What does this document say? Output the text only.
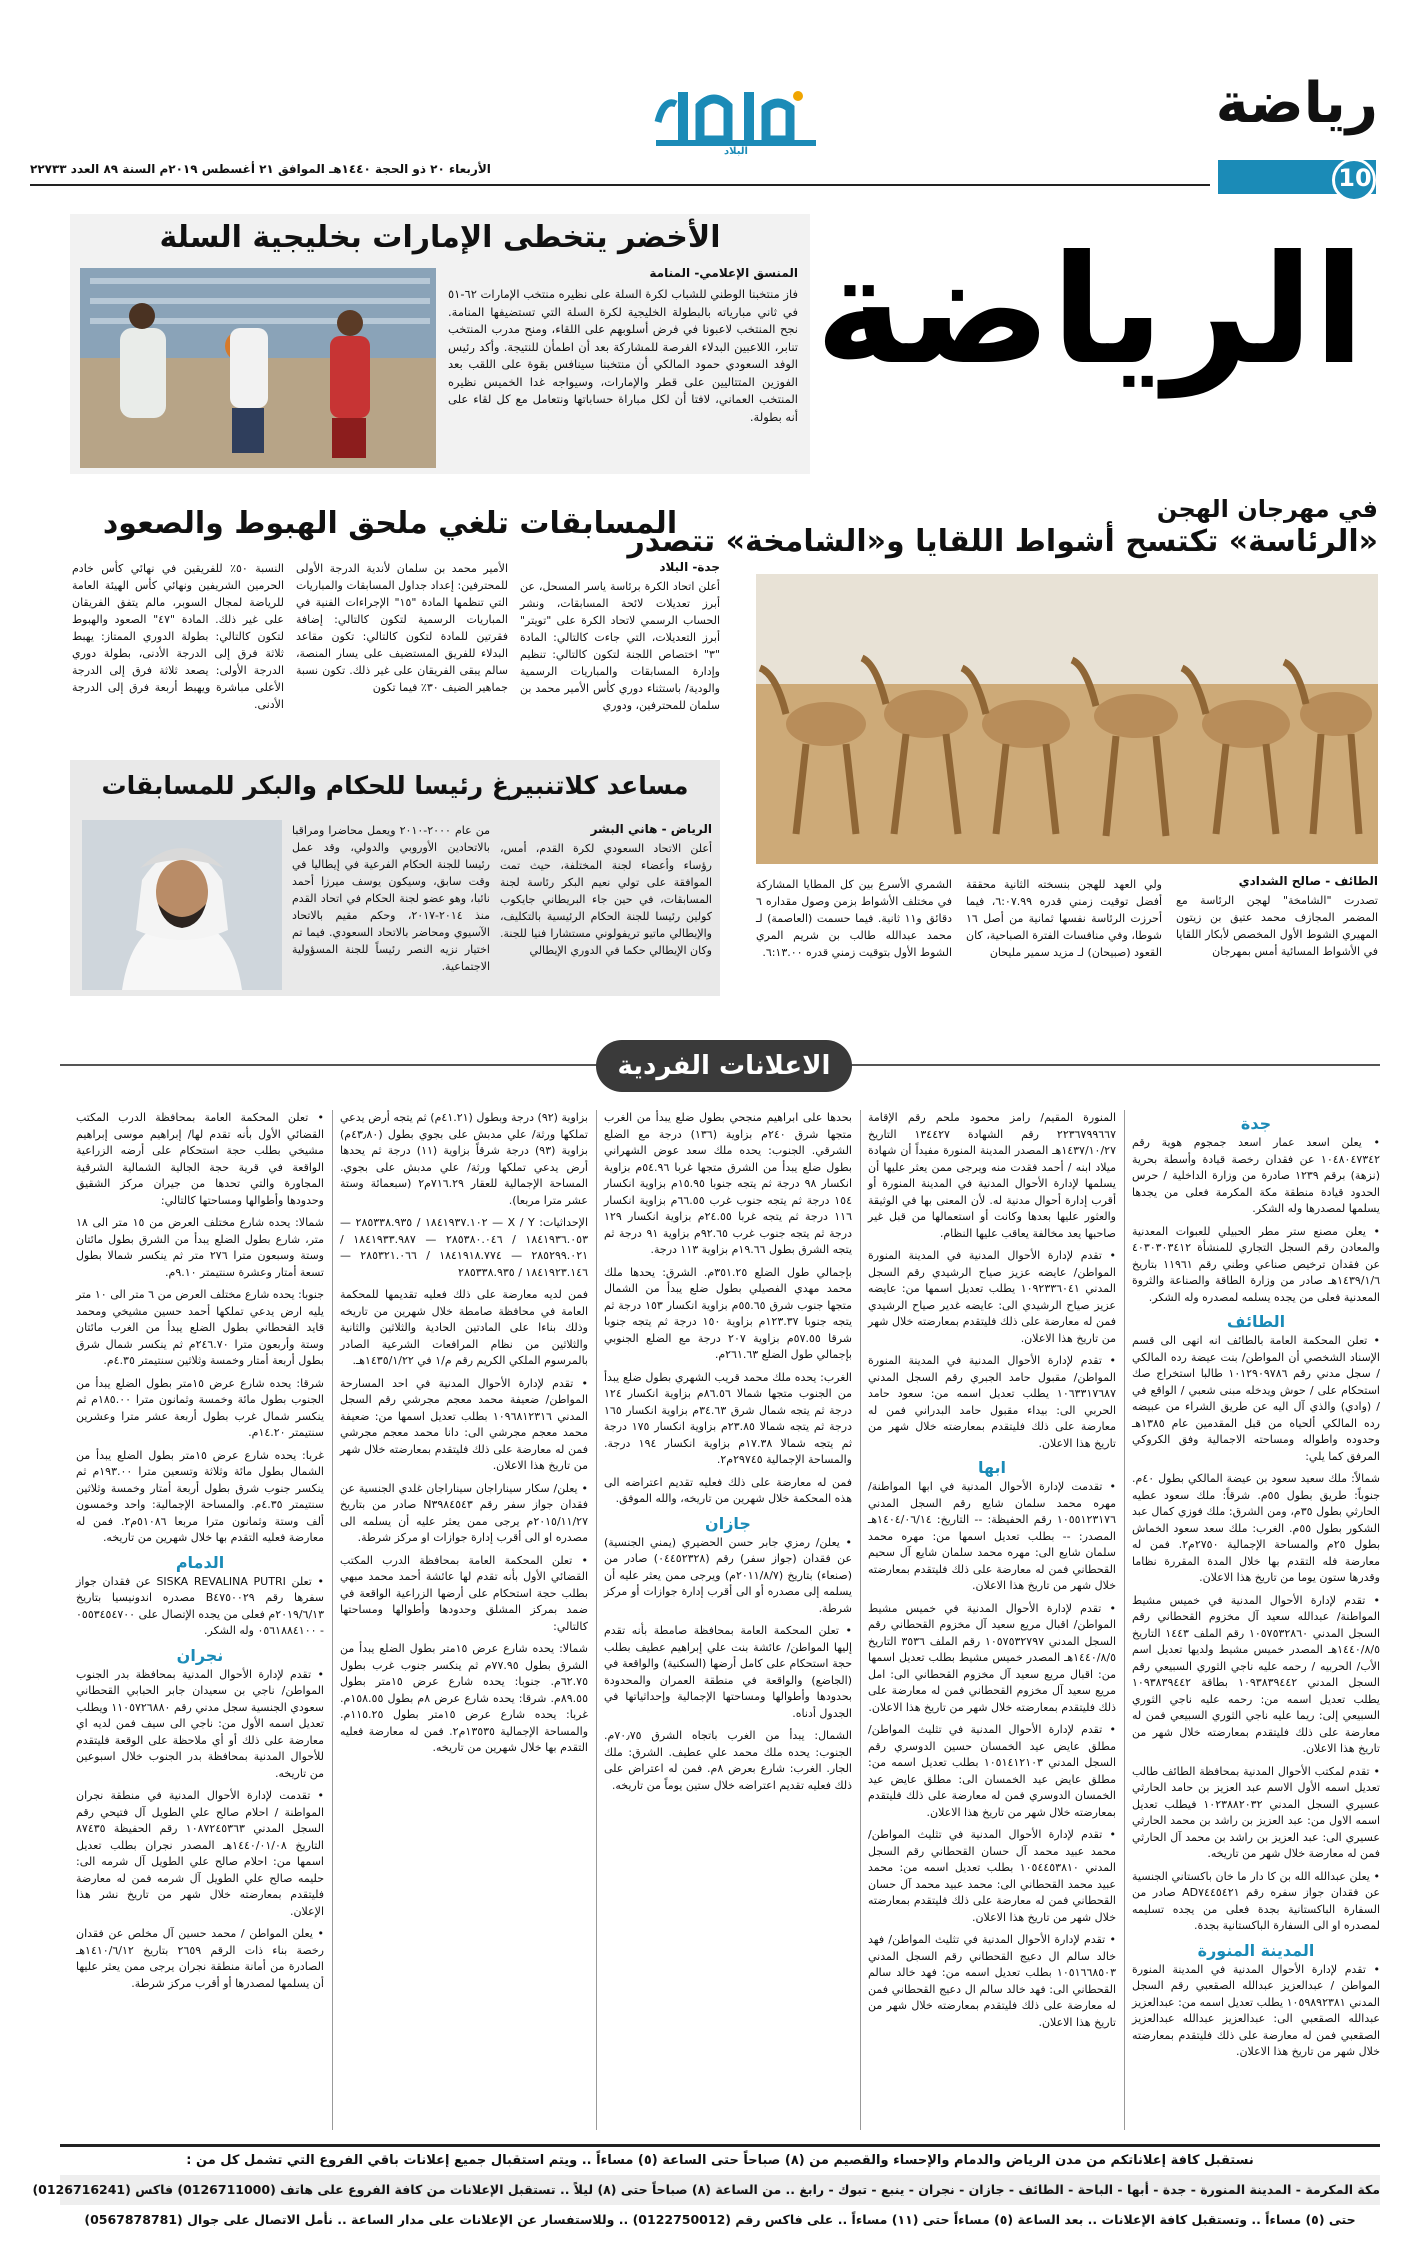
رياضة
10
البلاد
الأربعاء ٢٠ ذو الحجة ١٤٤٠هـ الموافق ٢١ أغسطس ٢٠١٩م السنة ٨٩ العدد ٢٢٧٣٣
الرياضة
الأخضر يتخطى الإمارات بخليجية السلة
المنسق الإعلامي- المنامة
فاز منتخبنا الوطني للشباب لكرة السلة على نظيره منتخب الإمارات ٦٢-٥١ في ثاني مبارياته بالبطولة الخليجية لكرة السلة التي تستضيفها المنامة. نجح المنتخب لاعبونا في فرض أسلوبهم على اللقاء، ومنح مدرب المنتخب تنابر، اللاعبين البدلاء الفرصة للمشاركة بعد أن اطمأن للنتيجة. وأكد رئيس الوفد السعودي حمود المالكي أن منتخبنا سينافس بقوة على اللقب بعد الفوزين المتتاليين على قطر والإمارات، وسيواجه غدا الخميس نظيره المنتخب العماني، لافتا أن لكل مباراة حساباتها ونتعامل مع كل لقاء على أنه بطولة.
في مهرجان الهجن
«الرئاسة» تكتسح أشواط اللقايا و«الشامخة» تتصدر
الشمري الأسرع بين كل المطايا المشاركة في مختلف الأشواط بزمن وصول مقداره ٦ دقائق و١١ ثانية. فيما حسمت (العاصمة) لـ محمد عبدالله طالب بن شريم المري الشوط الأول بتوقيت زمني قدره ٦:١٣.٠٠.
ولي العهد للهجن بنسخته الثانية محققة أفضل توقيت زمني قدره ٦:٠٧.٩٩، فيما أحرزت الرئاسة نفسها ثمانية من أصل ١٦ شوطا، وفي منافسات الفترة الصباحية، كان القعود (صبيحان) لـ مزيد سمير مليحان
الطائف - صالح الشدادي
تصدرت "الشامخة" لهجن الرئاسة مع المضمر المجازف محمد عتيق بن زيتون المهيري الشوط الأول المخصص لأبكار اللقايا في الأشواط المسائية أمس بمهرجان
المسابقات تلغي ملحق الهبوط والصعود
جدة- البلاد
أعلن اتحاد الكرة برئاسة ياسر المسحل، عن أبرز تعديلات لائحة المسابقات، ونشر الحساب الرسمي لاتحاد الكرة على "تويتر" أبرز التعديلات، التي جاءت كالتالي: المادة "٣" اختصاص اللجنة لتكون كالتالي: تنظيم وإدارة المسابقات والمباريات الرسمية والودية/ باستثناء دوري كأس الأمير محمد بن سلمان للمحترفين، ودوري
الأمير محمد بن سلمان لأندية الدرجة الأولى للمحترفين: إعداد جداول المسابقات والمباريات التي تنظمها المادة "١٥" الإجراءات الفنية في المباريات الرسمية لتكون كالتالي: إضافة فقرتين للمادة لتكون كالتالي: تكون مقاعد البدلاء للفريق المستضيف على يسار المنصة، سالم يبقى الفريقان على غير ذلك. تكون نسبة جماهير الضيف ٣٠٪ فيما تكون
النسبة ٥٠٪ للفريقين في نهائي كأس خادم الحرمين الشريفين ونهائي كأس الهيئة العامة للرياضة لمجال السوبر، مالم يتفق الفريقان على غير ذلك. المادة "٤٧" الصعود والهبوط لتكون كالتالي: بطولة الدوري الممتاز: يهبط ثلاثة فرق إلى الدرجة الأدنى، بطولة دوري الدرجة الأولى: يصعد ثلاثة فرق إلى الدرجة الأعلى مباشرة ويهبط أربعة فرق إلى الدرجة الأدنى.
مساعد كلاتنبيرغ رئيسا للحكام والبكر للمسابقات
الرياض - هاني البشر
أعلن الاتحاد السعودي لكرة القدم، أمس، رؤساء وأعضاء لجنة المختلفة، حيث تمت الموافقة على تولي نعيم البكر رئاسة لجنة المسابقات، في حين جاء البريطاني جايكوب كولين رئيسا للجنة الحكام الرئيسية بالتكليف، والإيطالي ماتيو تريفولوني مستشارا فنيا للجنة. وكان الإيطالي حكما في الدوري الإيطالي
من عام ٢٠٠٠-٢٠١٠ ويعمل محاضرا ومراقبا بالاتحادين الأوروبي والدولي، وقد عمل رئيسا للجنة الحكام الفرعية في إيطاليا في وقت سابق، وسيكون يوسف ميرزا أحمد نائبا، وهو عضو لجنة الحكام في اتحاد القدم منذ ٢٠١٤-٢٠١٧، وحكم مقيم بالاتحاد الآسيوي ومحاضر بالاتحاد السعودي. فيما تم اختيار نزيه النصر رئيساً للجنة المسؤولية الاجتماعية.
الاعلانات الفردية
جدة
• يعلن اسعد عمار اسعد جمجوم هوية رقم ١٠٤٨٠٤٧٣٤٢ عن فقدان رخصة قيادة وأسطة بحرية (نزهة) برقم ١٢٣٩ صادرة من وزارة الداخلية / حرس الحدود قيادة منطقة مكة المكرمة فعلى من يجدها يسلمها لمصدرها وله الشكر.
• يعلن مصنع ستر مطر الحبيلي للعبوات المعدنية والمعادن رقم السجل التجاري للمنشأة ٤٠٣٠٣٠٣٤١٢ عن فقدان ترخيص صناعي وطني رقم ١١٩٦١ بتاريخ ١٤٣٩/١/٦هـ صادر من وزارة الطاقة والصناعة والثروة المعدنية فعلى من يجده يسلمه لمصدره وله الشكر.
الطائف
• تعلن المحكمة العامة بالطائف انه انهى الى قسم الإسناد الشخصي أن المواطن/ بنت عيضة رده المالكي / سجل مدني رقم ١٠١٢٩٠٩٧٨٦ طالبا استخراج صك استحكام على / حوش ويدخله مبنى شعبي / الواقع في / (وادي) والذي آل اليه عن طريق الشراء من عبيضه رده المالكي ألحياه من قبل المقدمين عام ١٣٨٥هـ وحدوده واطواله ومساحته الاجمالية وفق الكروكي المرفق كما يلي:
شمالاً: ملك سعيد سعود بن عيضة المالكي بطول ٤٠م. جنوباً: طريق بطول ٥٥م. شرقاً: ملك سعود عطيه الحارثي بطول ٣٥م، ومن الشرق: ملك فوزي كمال عبد الشكور بطول ٥٥م. الغرب: ملك سعد سعود الخماش بطول ٢٥م والمساحة الإجمالية ٢٧٥٠م٢. فمن له معارضة فله التقدم بها خلال المدة المقررة نظاما وقدرها ستون يوما من تاريخ هذا الاعلان.
• تقدم لإدارة الأحوال المدنية في خميس مشيط المواطنة/ عبدالله سعيد آل مخزوم القحطاني رقم السجل المدني ١٠٥٧٥٣٢٨٦٠ رقم الملف ١٤٤٣ التاريخ ١٤٤٠/٨/٥هـ المصدر خميس مشيط ولديها تعديل اسم الأب/ الحربيه / رحمه عليه ناجي الثوري السبيعي رقم السجل المدني ١٠٩٣٨٣٩٤٤٢ بطاقة ١٠٩٣٨٣٩٤٤٢ يطلب تعديل اسمه من: رحمه عليه ناجي الثوري السبيعي إلى: ريما عليه ناجي الثوري السبيعي فمن له معارضة على ذلك فليتقدم بمعارضته خلال شهر من تاريخ هذا الاعلان.
• تقدم لمكتب الأحوال المدنية بمحافظة الطائف طالب تعديل اسمه الأول الاسم عبد العزيز بن حامد الحارثي عسيري السجل المدني ١٠٢٣٨٨٢٠٣٢ فيطلب تعديل اسمه الاول من: عبد العزيز بن راشد بن محمد الحارثي عسيري الى: عبد العزيز بن راشد بن محمد آل الحارثي فمن له معارضة خلال شهر من تاريخه.
• يعلن عبدالله الله بن كا دار ما خان باكستاني الجنسية عن فقدان جواز سفره رقم AD٧٤٤٥٤٢١ صادر من السفارة الباكستانية بجدة فعلى من يجده تسليمه لمصدره او الى السفارة الباكستانية بجدة.
المدينة المنورة
• تقدم لإدارة الأحوال المدنية في المدينة المنورة المواطن / عبدالعزيز عبدالله الصقعبي رقم السجل المدني ١٠٥٩٨٩٢٣٨١ يطلب تعديل اسمه من: عبدالعزيز عبدالله الصقعبي الى: عبدالعزيز عبدالله عبدالعزيز الصقعبي فمن له معارضة على ذلك فليتقدم بمعارضته خلال شهر من تاريخ هذا الاعلان.
المنورة المقيم/ رامز محمود ملحم رقم الإقامة ٢٢٣٦٧٩٩٦٦٧ رقم الشهادة ١٣٤٤٢٧ التاريخ ١٤٣٧/١٠/٢٧هـ المصدر المدينة المنورة مفيداً أن شهادة ميلاد ابنه / أحمد فقدت منه ويرجى ممن يعثر عليها أن يسلمها لإدارة الأحوال المدنية في المدينة المنورة أو أقرب إدارة أحوال مدنية له. لأن المعنى بها في الوثيقة والعثور عليها بعدها وكانت أو استعمالها من قبل غير صاحبها يعد مخالفة يعاقب عليها النظام.
• تقدم لإدارة الأحوال المدنية في المدينة المنورة المواطن/ عايضه عزيز صياح الرشيدي رقم السجل المدني ١٠٩٢٣٣٦٠٤١ يطلب تعديل اسمها من: عايضه عزيز صياح الرشيدي الى: عايضه غدير صياح الرشيدي فمن له معارضة على ذلك فليتقدم بمعارضته خلال شهر من تاريخ هذا الاعلان.
• تقدم لإدارة الأحوال المدنية في المدينة المنورة المواطن/ مقبول حامد الجبري رقم السجل المدني ١٠٦٣٣١٧٦٨٧ يطلب تعديل اسمه من: سعود حامد الحربي الى: بيداء مقبول حامد البدراني فمن له معارضة على ذلك فليتقدم بمعارضته خلال شهر من تاريخ هذا الاعلان.
ابها
• تقدمت لإدارة الأحوال المدنية في ابها المواطنة/ مهره محمد سلمان شايع رقم السجل المدني ١٠٥٥١٢٣١٧٦ رقم الحفيظة: -- التاريخ: ١٤٠٤/٠٦/١٤هـ المصدر: -- بطلب تعديل اسمها من: مهره محمد سلمان شايع الى: مهره محمد سلمان شايع آل سحيم القحطاني فمن له معارضة على ذلك فليتقدم بمعارضته خلال شهر من تاريخ هذا الاعلان.
• تقدم لإدارة الأحوال المدنية في خميس مشيط المواطن/ اقبال مريع سعيد آل مخزوم القحطاني رقم السجل المدني ١٠٥٧٥٣٢٧٩٧ رقم الملف ٣٥٣٦ التاريخ ١٤٤٠/٨/٥هـ المصدر خميس مشيط بطلب تعديل اسمها من: اقبال مريع سعيد آل مخزوم القحطاني الى: امل مريع سعيد آل مخزوم القحطاني فمن له معارضة على ذلك فليتقدم بمعارضته خلال شهر من تاريخ هذا الاعلان.
• تقدم لإدارة الأحوال المدنية في تثليث المواطن/ مطلق عايض عيد الخمسان حسين الدوسري رقم السجل المدني ١٠٥١٤١٢١٠٣ بطلب تعديل اسمه من: مطلق عايض عيد الخمسان الى: مطلق عايض عيد الخمسان الدوسري فمن له معارضة على ذلك فليتقدم بمعارضته خلال شهر من تاريخ هذا الاعلان.
• تقدم لإدارة الأحوال المدنية في تثليث المواطن/ محمد عبيد محمد آل حسان القحطاني رقم السجل المدني ١٠٥٤٤٥٣٨١٠ بطلب تعديل اسمه من: محمد عبيد محمد القحطاني الى: محمد عبيد محمد آل حسان القحطاني فمن له معارضة على ذلك فليتقدم بمعارضته خلال شهر من تاريخ هذا الاعلان.
• تقدم لإدارة الأحوال المدنية في تثليث المواطن/ فهد خالد سالم ال دعيج القحطاني رقم السجل المدني ١٠٥١٦٦٨٥٠٣ بطلب تعديل اسمه من: فهد خالد سالم القحطاني الى: فهد خالد سالم ال دعيج القحطاني فمن له معارضة على ذلك فليتقدم بمعارضته خلال شهر من تاريخ هذا الاعلان.
بحدها على ابراهيم منجحي بطول ضلع يبدأ من الغرب متجها شرق ٢٤٠م بزاوية (١٣٦) درجة مع الضلع الشرقي. الجنوب: يحده ملك سعد عوض الشهراني بطول ضلع يبدأ من الشرق متجها غربا ٥٤.٩٦م بزاوية انكسار ٩٨ درجة ثم يتجه جنوبا ١٥.٩٥م بزاوية انكسار ١٥٤ درجة ثم يتجه جنوب غرب ٦٦.٥٥م بزاوية انكسار ١١٦ درجة ثم يتجه غربا ٢٤.٥٥م بزاوية انكسار ١٢٩ درجة ثم يتجه جنوب غرب ٩٢.٦٥م بزاوية ٩١ درجة ثم يتجه الشرق بطول ١٩.٦٦م بزاوية ١١٣ درجة.
بإجمالي طول الضلع ٣٥١.٢٥م. الشرق: يحدها ملك محمد مهدي الفصيلي بطول ضلع يبدأ من الشمال متجها جنوب شرق ٥٥.٦٥م بزاوية انكسار ١٥٣ درجة ثم يتجه جنوبا ١٢٣.٣٧م بزاوية ١٥٠ درجة ثم يتجه جنوبا شرقا ٥٧.٥٥م بزاوية ٢٠٧ درجة مع الضلع الجنوبي بإجمالي طول الضلع ٢٦١.٦٣م.
الغرب: يحده ملك محمد قريب الشهري بطول ضلع يبدأ من الجنوب متجها شمالا ٨٦.٥٦م بزاوية انكسار ١٢٤ درجة ثم يتجه شمال شرق ٣٤.٦٣م بزاوية انكسار ١٦٥ درجة ثم يتجه شمالا ٢٣.٨٥م بزاوية انكسار ١٧٥ درجة ثم يتجه شمالا ١٧.٣٨م بزاوية انكسار ١٩٤ درجة. والمساحة الإجمالية ٢٩٧٤٥م٢.
فمن له معارضة على ذلك فعليه تقديم اعتراضه الى هذه المحكمة خلال شهرين من تاريخه، والله الموفق.
جازان
• يعلن/ رمزي جابر حسن الحضيري (يمني الجنسية) عن فقدان (جواز سفر) رقم (٠٤٤٥٢٣٢٨) صادر من (صنعاء) بتاريخ (٢٠١١/٨/٧م) ويرجى ممن يعثر عليه أن يسلمه إلى مصدره أو الى أقرب إدارة جوازات أو مركز شرطة.
• تعلن المحكمة العامة بمحافظة صامطة بأنه تقدم إليها المواطن/ عائشة بنت علي إبراهيم عطيف بطلب حجة استحكام على كامل أرضها (السكنية) والواقعة في (الجاضع) والواقعة في منطقة العمران والمحدودة بحدودها وأطوالها ومساحتها الإجمالية وإحداثياتها في الجدول أدناه.
الشمال: يبدأ من الغرب باتجاه الشرق ٧٠٫٧٥م. الجنوب: يحده ملك محمد علي عطيف. الشرق: ملك الجار. الغرب: شارع بعرض ٨م. فمن له اعتراض على ذلك فعليه تقديم اعتراضه خلال ستين يوماً من تاريخه.
بزاوية (٩٢) درجة وبطول (٤١.٢١م) ثم يتجه أرض يدعي تملكها ورثة/ علي مدبش على بجوي بطول (٤٣٫٨٠م) بزاوية (٩٣) درجة شرقاً بزاوية (١١) درجة ثم يحدها أرض يدعي تملكها ورثة/ علي مدبش على بجوي. المساحة الإجمالية للعقار ٧١٦.٢٩م٢ (سبعمائة وستة عشر مترا مربعا).
الإحداثيات: X / Y — ١٨٤١٩٣٧.١٠٢ / ٢٨٥٣٣٨.٩٣٥ — ١٨٤١٩٣٦.٠٥٣ / ٢٨٥٣٨٠.٠٤٦ — ١٨٤١٩٣٣.٩٨٧ / ٢٨٥٢٩٩.٠٢١ — ١٨٤١٩١٨.٧٧٤ / ٢٨٥٣٢١.٠٦٦ — ١٨٤١٩٢٣.١٤٦ / ٢٨٥٣٣٨.٩٣٥
فمن لديه معارضة على ذلك فعليه تقديمها للمحكمة العامة في محافظة صامطة خلال شهرين من تاريخه وذلك بناءا على المادتين الحادية والثلاثين والثانية والثلاثين من نظام المرافعات الشرعية الصادر بالمرسوم الملكي الكريم رقم م/١ في ١٤٣٥/١/٢٢هـ.
• تقدم لإدارة الأحوال المدنية في احد المسارحة المواطن/ ضعيفة محمد معجم مجرشي رقم السجل المدني ١٠٩٦٨١٢٣١٦ بطلب تعديل اسمها من: ضعيفة محمد معجم مجرشي الى: دانا محمد معجم مجرشي فمن له معارضة على ذلك فليتقدم بمعارضته خلال شهر من تاريخ هذا الاعلان.
• يعلن/ سكار سيناراجان سيناراجان غلدي الجنسية عن فقدان جواز سفر رقم N٣٩٨٤٥٤٣ صادر من بتاريخ ٢٠١٥/١١/٢٧م يرجى ممن يعثر عليه أن يسلمه الى مصدره او الى أقرب إدارة جوازات او مركز شرطة.
• تعلن المحكمة العامة بمحافظة الدرب المكتب القضائي الأول بأنه تقدم لها عائشة أحمد محمد مبهي بطلب حجة استحكام على أرضها الزراعية الواقعة في ضمد بمركز المشلق وحدودها وأطوالها ومساحتها كالتالي:
شمالا: يحده شارع عرض ١٥متر بطول الضلع يبدأ من الشرق بطول ٧٧.٩٥م ثم ينكسر جنوب غرب بطول ٦٢.٧٥م. جنوبا: يحده شارع عرض ١٥متر بطول ٨٩.٥٥م. شرقا: يحده شارع عرض ٨م بطول ١٥٨.٥٥م. غربا: يحده شارع عرض ١٥متر بطول ١١٥.٢٥م. والمساحة الإجمالية ١٣٥٣٥م٢. فمن له معارضة فعليه التقدم بها خلال شهرين من تاريخه.
• تعلن المحكمة العامة بمحافظة الدرب المكتب القضائي الأول بأنه تقدم لها/ إبراهيم موسى إبراهيم مشيخي بطلب حجة استحكام على أرضه الزراعية الواقعة في قرية حجة الجالية الشمالية الشرقية المجاورة والتي تحدها من جيران مركز الشقيق وحدودها وأطوالها ومساحتها كالتالي:
شمالا: يحده شارع مختلف العرض من ١٥ متر الى ١٨ متر، شارع بطول الضلع يبدأ من الشرق بطول مائتان وستة وسبعون مترا ٢٧٦ متر ثم ينكسر شمالا بطول تسعة أمتار وعشرة سنتيمتر ٩.١٠م.
جنوبا: يحده شارع مختلف العرض من ٦ متر الى ١٠ متر يليه ارض يدعي تملكها أحمد حسين مشيخي ومحمد قايد القحطاني بطول الضلع يبدأ من الغرب مائتان وستة وأربعون مترا ٢٤٦.٧٠م ثم ينكسر شمال شرق بطول أربعة أمتار وخمسة وثلاثين سنتيمتر ٤.٣٥م.
شرقا: يحده شارع عرض ١٥متر بطول الضلع يبدأ من الجنوب بطول مائة وخمسة وثمانون مترا ١٨٥.٠٠م ثم ينكسر شمال غرب بطول أربعة عشر مترا وعشرين سنتيمتر ١٤.٢٠م.
غربا: يحده شارع عرض ١٥متر بطول الضلع يبدأ من الشمال بطول مائة وثلاثة وتسعين مترا ١٩٣.٠٠م ثم ينكسر جنوب شرق بطول أربعة أمتار وخمسة وثلاثين سنتيمتر ٤.٣٥م. والمساحة الإجمالية: واحد وخمسون ألف وستة وثمانون مترا مربعا ٥١٠٨٦م٢. فمن له معارضة فعليه التقدم بها خلال شهرين من تاريخه.
الدمام
• تعلن SISKA REVALINA PUTRI عن فقدان جواز سفرها رقم B٤٧٥٠٠٢٩ مصدره اندونيسيا بتاريخ ٢٠١٩/٦/١٣م فعلى من يجده الإتصال على ٠٥٥٣٤٥٤٧٠٠ - ٠٥٦١٨٨٤١٠٠ وله الشكر.
نجران
• تقدم لإدارة الأحوال المدنية بمحافظة بدر الجنوب المواطن/ ناجي بن سعيدان جابر الحبابي القحطاني سعودي الجنسية سجل مدني رقم ١١٠٥٧٢٦٨٨٠ ويطلب تعديل اسمه الأول من: ناجي الى سيف فمن لديه اي معارضة على ذلك أو أي ملاحظة على الوقعة فليتقدم للأحوال المدنية بمحافظة بدر الجنوب خلال اسبوعين من تاريخه.
• تقدمت لإدارة الأحوال المدنية في منطقة نجران المواطنة / احلام صالح علي الطويل آل فتيحي رقم السجل المدني ١٠٨٧٢٤٥٣٦٣ رقم الحفيظة ٨٧٤٣٥ التاريخ ١٤٤٠/٠١/٠٨هـ المصدر نجران بطلب تعديل اسمها من: احلام صالح علي الطويل آل شرمه الى: حليمه صالح علي الطويل آل شرمه فمن له معارضة فليتقدم بمعارضته خلال شهر من تاريخ نشر هذا الإعلان.
• يعلن المواطن / محمد حسين آل مخلص عن فقدان رخصة بناء ذات الرقم ٢٦٥٩ بتاريخ ١٤١٠/٦/١٢هـ الصادرة من أمانة منطقة نجران يرجى ممن يعثر عليها أن يسلمها لمصدرها أو أقرب مركز شرطة.
نستقبل كافة إعلاناتكم من مدن الرياض والدمام والإحساء والقصيم من (٨) صباحاً حتى الساعة (٥) مساءاً .. ويتم استقبال جميع إعلانات باقي الفروع التي تشمل كل من :
مكة المكرمة - المدينة المنورة - جدة - أبها - الباحة - الطائف - جازان - نجران - ينبع - تبوك - رابغ .. من الساعة (٨) صباحاً حتى (٨) ليلاً .. تستقبل الإعلانات من كافة الفروع على هاتف (0126711000) فاكس (0126716241)
حتى (٥) مساءاً .. وتستقبل كافة الإعلانات .. بعد الساعة (٥) مساءاً حتى (١١) مساءاً .. على فاكس رقم (0122750012) .. وللاستفسار عن الإعلانات على مدار الساعة .. نأمل الاتصال على جوال (0567878781)
